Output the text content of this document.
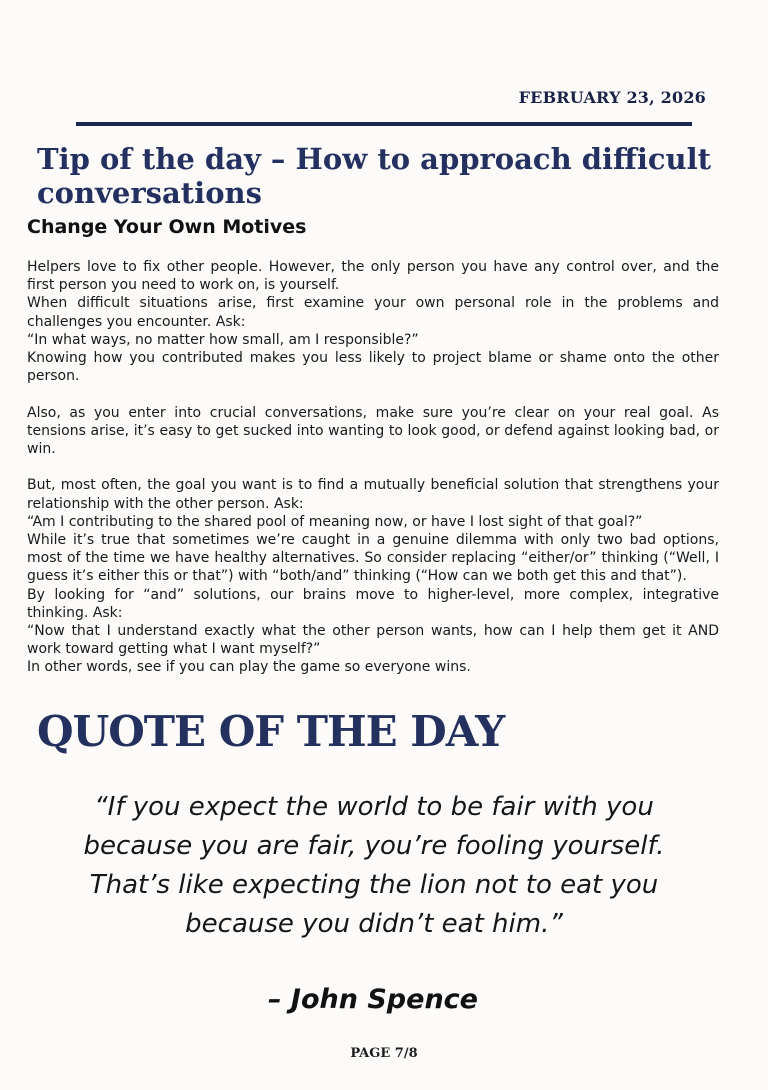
FEBRUARY 23, 2026
Tip of the day – How to approach difficult conversations
Change Your Own Motives

Helpers love to fix other people. However, the only person you have any control over, and the first person you need to work on, is yourself.

When difficult situations arise, first examine your own personal role in the problems and challenges you encounter. Ask:

“In what ways, no matter how small, am I responsible?”

Knowing how you contributed makes you less likely to project blame or shame onto the other person.

Also, as you enter into crucial conversations, make sure you’re clear on your real goal. As tensions arise, it’s easy to get sucked into wanting to look good, or defend against looking bad, or win.

But, most often, the goal you want is to find a mutually beneficial solution that strengthens your relationship with the other person. Ask:

“Am I contributing to the shared pool of meaning now, or have I lost sight of that goal?”

While it’s true that sometimes we’re caught in a genuine dilemma with only two bad options, most of the time we have healthy alternatives. So consider replacing “either/or” thinking (“Well, I guess it’s either this or that”) with “both/and” thinking (“How can we both get this and that”).

By looking for “and” solutions, our brains move to higher-level, more complex, integrative thinking. Ask:

“Now that I understand exactly what the other person wants, how can I help them get it AND work toward getting what I want myself?”

In other words, see if you can play the game so everyone wins.

QUOTE OF THE DAY

“If you expect the world to be fair with you because you are fair, you’re fooling yourself. That’s like expecting the lion not to eat you because you didn’t eat him.”

– John Spence
PAGE 7/8
